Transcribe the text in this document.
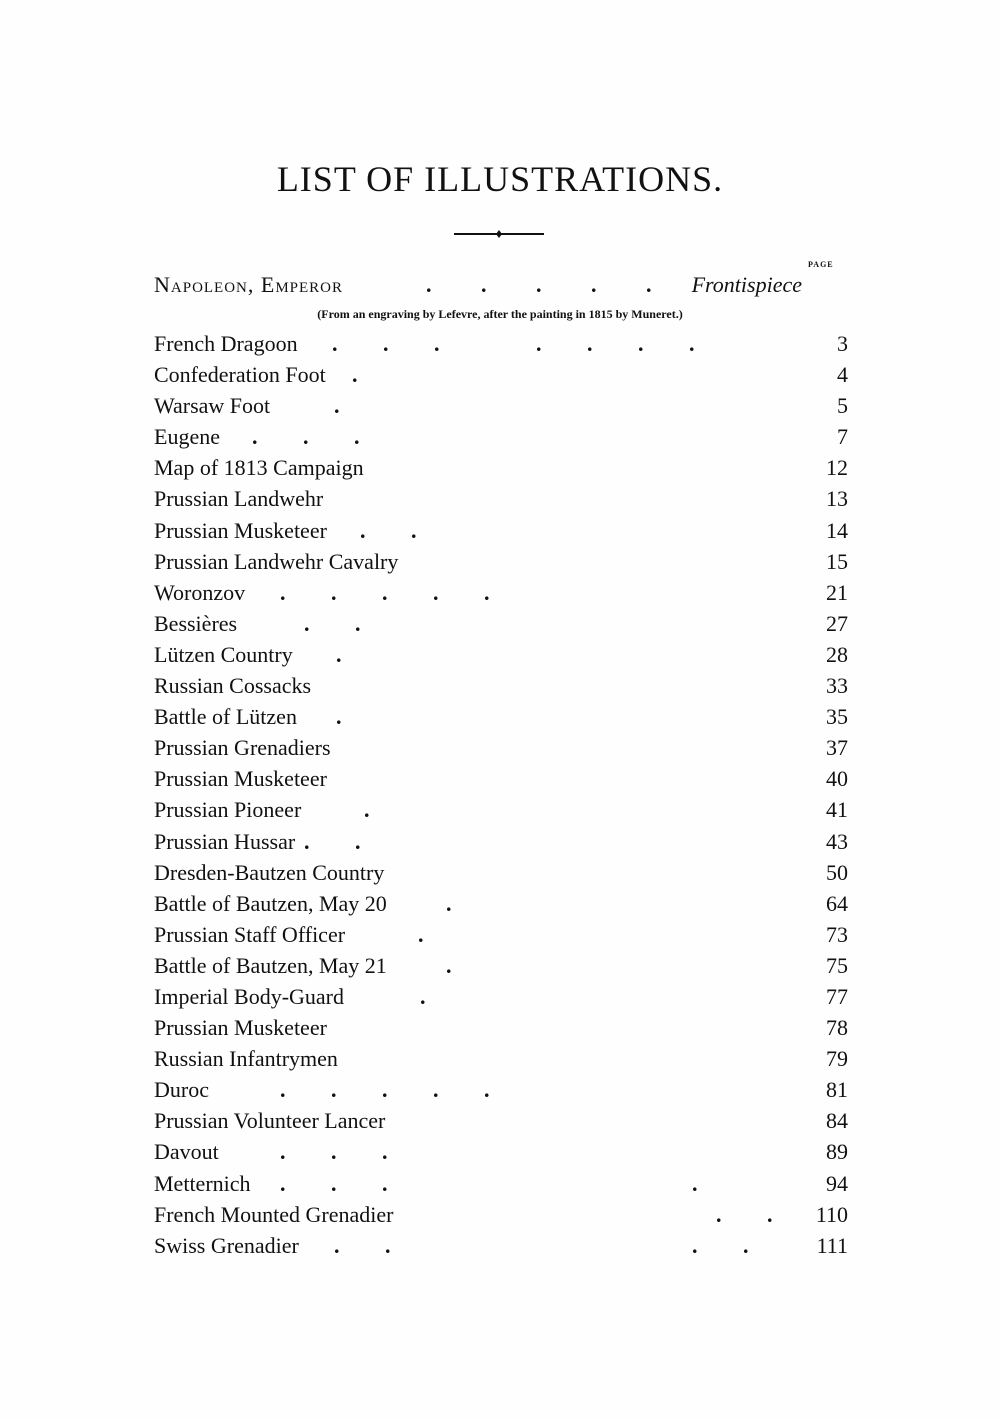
LIST OF ILLUSTRATIONS.
PAGE
Napoleon, Emperor	. . . . . Frontispiece
(From an engraving by Lefevre, after the painting in 1815 by Muneret.)
French Dragoon . . .   . . . .	3
Confederation Foot .	4
Warsaw Foot	.	5
Eugene . . .	7
Map of 1813 Campaign	12
Prussian Landwehr	13
Prussian Musketeer . .	14
Prussian Landwehr Cavalry	15
Woronzov . . . . .	21
Bessières	. .	27
Lützen Country .	28
Russian Cossacks	33
Battle of Lützen .	35
Prussian Grenadiers	37
Prussian Musketeer	40
Prussian Pioneer	.	41
Prussian Hussar . .	43
Dresden-Bautzen Country	50
Battle of Bautzen, May 20	.	64
Prussian Staff Officer	.	73
Battle of Bautzen, May 21	.	75
Imperial Body-Guard	.	77
Prussian Musketeer	78
Russian Infantrymen	79
Duroc	. . . . .	81
Prussian Volunteer Lancer	84
Davout	. . .	89
Metternich . . .	.	94
French Mounted Grenadier	. . 110
Swiss Grenadier . .	. . 111
